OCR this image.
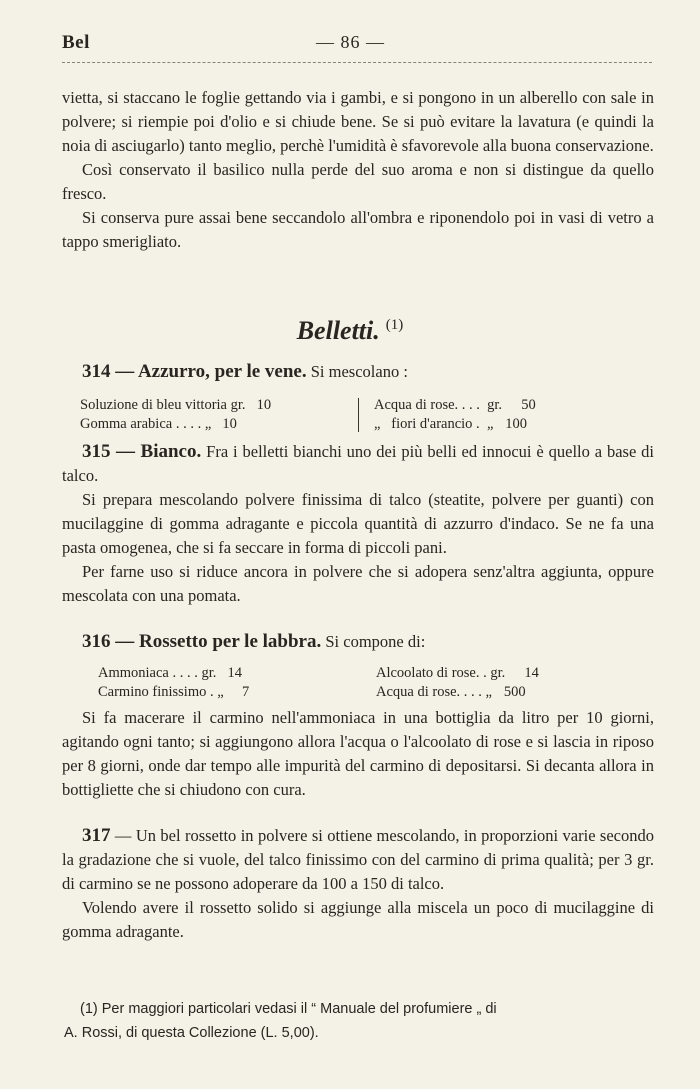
Bel	— 86 —

vietta, si staccano le foglie gettando via i gambi, e si pongono in un alberello con sale in polvere; si riempie poi d'olio e si chiude bene. Se si può evitare la lavatura (e quindi la noia di asciugarlo) tanto meglio, perchè l'umidità è sfavorevole alla buona conservazione.

Così conservato il basilico nulla perde del suo aroma e non si distingue da quello fresco.

Si conserva pure assai bene seccandolo all'ombra e riponendolo poi in vasi di vetro a tappo smerigliato.

Belletti. $^{(1)}$

314 — Azzurro, per le vene. Si mescolano :

Soluzione di bleu vittoria gr. 10
Gomma arabica . . . . „ 10
Acqua di rose. . . . gr. 50
„   fiori d'arancio . „ 100

315 — Bianco. Fra i belletti bianchi uno dei più belli ed innocui è quello a base di talco.

Si prepara mescolando polvere finissima di talco (steatite, polvere per guanti) con mucilaggine di gomma adragante e piccola quantità di azzurro d'indaco. Se ne fa una pasta omogenea, che si fa seccare in forma di piccoli pani.

Per farne uso si riduce ancora in polvere che si adopera senz'altra aggiunta, oppure mescolata con una pomata.

316 — Rossetto per le labbra. Si compone di:

Ammoniaca . . . . gr. 14
Carmino finissimo . „ 7
Alcoolato di rose. . gr. 14
Acqua di rose. . . . „ 500

Si fa macerare il carmino nell'ammoniaca in una bottiglia da litro per 10 giorni, agitando ogni tanto; si aggiungono allora l'acqua o l'alcoolato di rose e si lascia in riposo per 8 giorni, onde dar tempo alle impurità del carmino di depositarsi. Si decanta allora in bottigliette che si chiudono con cura.

317 — Un bel rossetto in polvere si ottiene mescolando, in proporzioni varie secondo la gradazione che si vuole, del talco finissimo con del carmino di prima qualità; per 3 gr. di carmino se ne possono adoperare da 100 a 150 di talco.

Volendo avere il rossetto solido si aggiunge alla miscela un poco di mucilaggine di gomma adragante.

(1) Per maggiori particolari vedasi il “ Manuale del profumiere „ di

A. Rossi, di questa Collezione (L. 5,00).
